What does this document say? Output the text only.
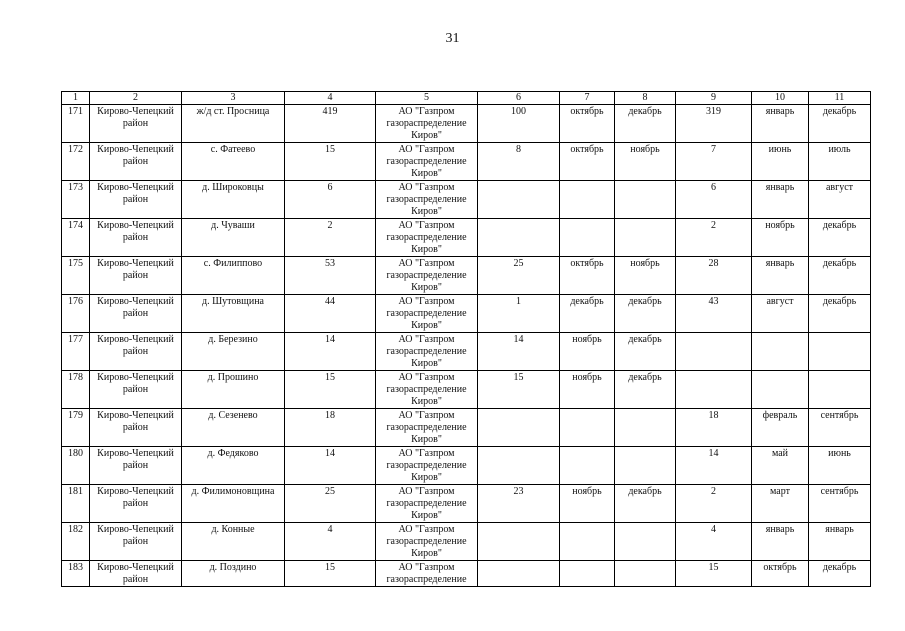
31
1	2	3	4	5	6	7	8	9	10	11
171	Кирово-Чепецкий район	ж/д ст. Просница	419	АО "Газпром газораспределение Киров"	100	октябрь	декабрь	319	январь	декабрь
172	Кирово-Чепецкий район	с. Фатеево	15	АО "Газпром газораспределение Киров"	8	октябрь	ноябрь	7	июнь	июль
173	Кирово-Чепецкий район	д. Широковцы	6	АО "Газпром газораспределение Киров"				6	январь	август
174	Кирово-Чепецкий район	д. Чуваши	2	АО "Газпром газораспределение Киров"				2	ноябрь	декабрь
175	Кирово-Чепецкий район	с. Филиппово	53	АО "Газпром газораспределение Киров"	25	октябрь	ноябрь	28	январь	декабрь
176	Кирово-Чепецкий район	д. Шутовщина	44	АО "Газпром газораспределение Киров"	1	декабрь	декабрь	43	август	декабрь
177	Кирово-Чепецкий район	д. Березино	14	АО "Газпром газораспределение Киров"	14	ноябрь	декабрь			
178	Кирово-Чепецкий район	д. Прошино	15	АО "Газпром газораспределение Киров"	15	ноябрь	декабрь			
179	Кирово-Чепецкий район	д. Сезенево	18	АО "Газпром газораспределение Киров"				18	февраль	сентябрь
180	Кирово-Чепецкий район	д. Федяково	14	АО "Газпром газораспределение Киров"				14	май	июнь
181	Кирово-Чепецкий район	д. Филимоновщина	25	АО "Газпром газораспределение Киров"	23	ноябрь	декабрь	2	март	сентябрь
182	Кирово-Чепецкий район	д. Конные	4	АО "Газпром газораспределение Киров"				4	январь	январь
183	Кирово-Чепецкий район	д. Поздино	15	АО "Газпром газораспределение				15	октябрь	декабрь
